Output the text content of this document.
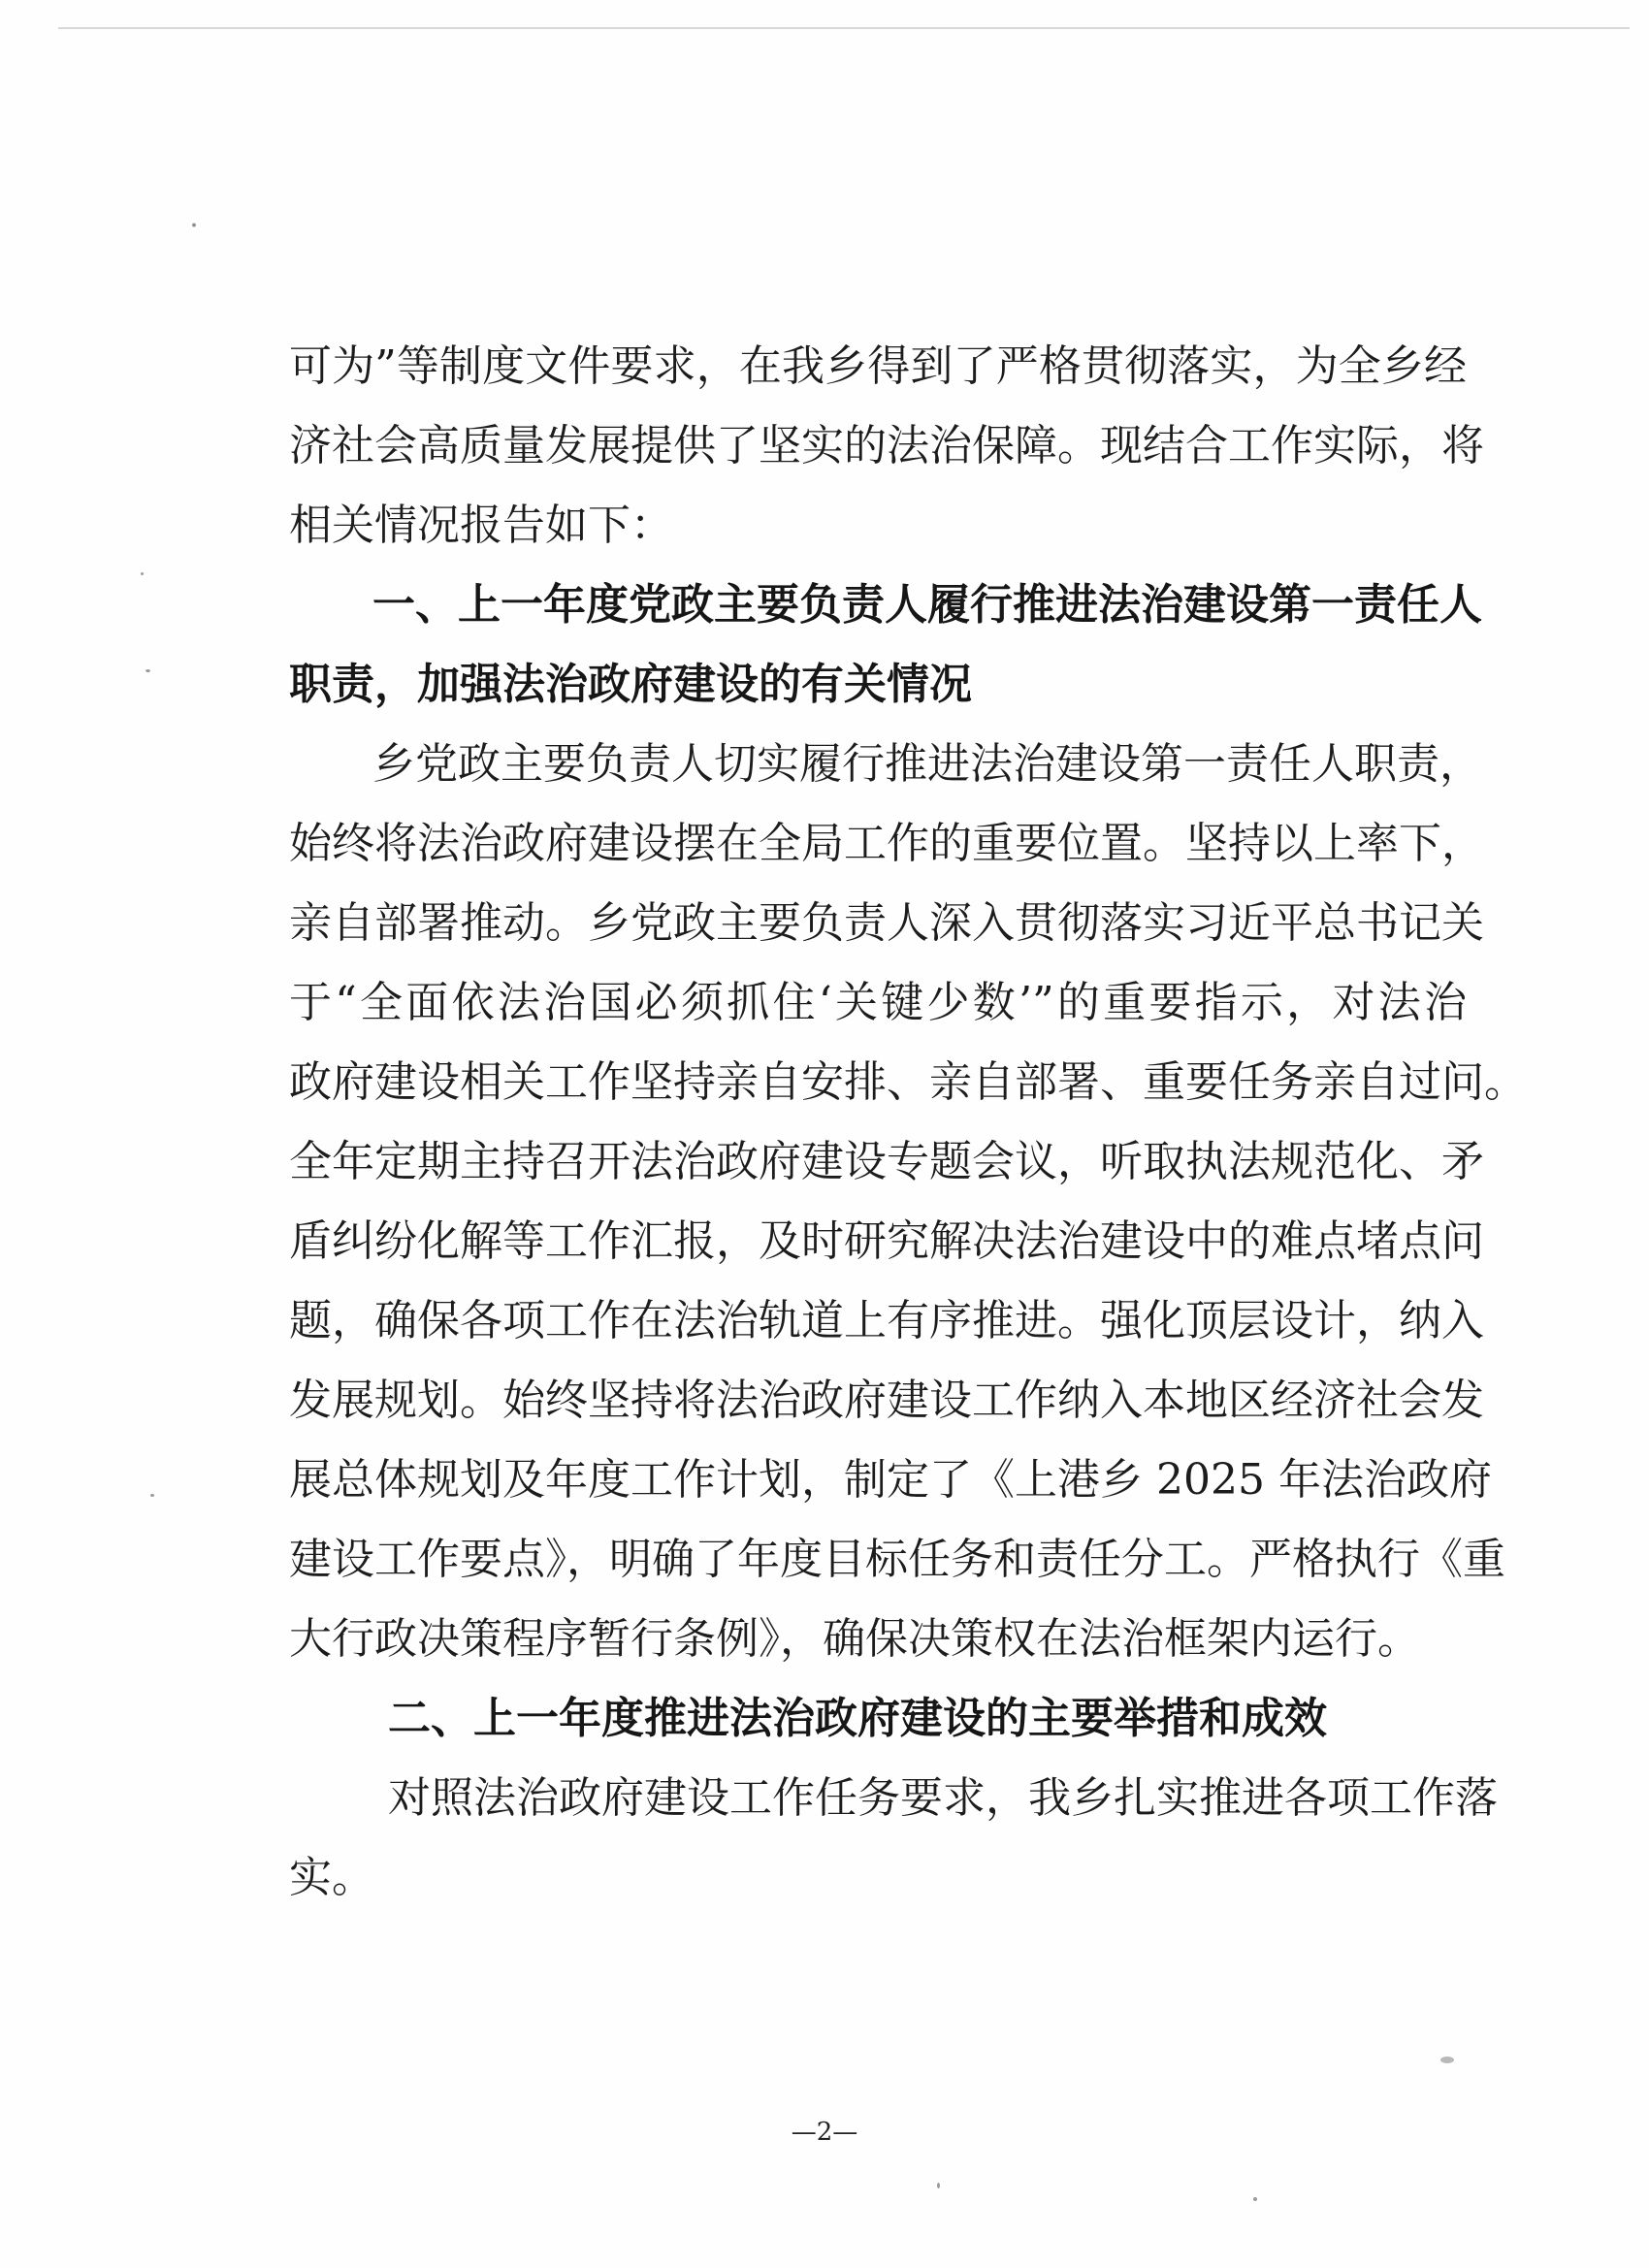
可为”等制度文件要求，在我乡得到了严格贯彻落实，为全乡经

济社会高质量发展提供了坚实的法治保障。现结合工作实际，将

相关情况报告如下：

一、上一年度党政主要负责人履行推进法治建设第一责任人

职责，加强法治政府建设的有关情况

乡党政主要负责人切实履行推进法治建设第一责任人职责，

始终将法治政府建设摆在全局工作的重要位置。坚持以上率下，

亲自部署推动。乡党政主要负责人深入贯彻落实习近平总书记关

于“全面依法治国必须抓住‘关键少数’”的重要指示，对法治

政府建设相关工作坚持亲自安排、亲自部署、重要任务亲自过问。

全年定期主持召开法治政府建设专题会议，听取执法规范化、矛

盾纠纷化解等工作汇报，及时研究解决法治建设中的难点堵点问

题，确保各项工作在法治轨道上有序推进。强化顶层设计，纳入

发展规划。始终坚持将法治政府建设工作纳入本地区经济社会发

展总体规划及年度工作计划，制定了《上港乡 2025 年法治政府

建设工作要点》，明确了年度目标任务和责任分工。严格执行《重

大行政决策程序暂行条例》，确保决策权在法治框架内运行。

二、上一年度推进法治政府建设的主要举措和成效

对照法治政府建设工作任务要求，我乡扎实推进各项工作落

实。

—2—
